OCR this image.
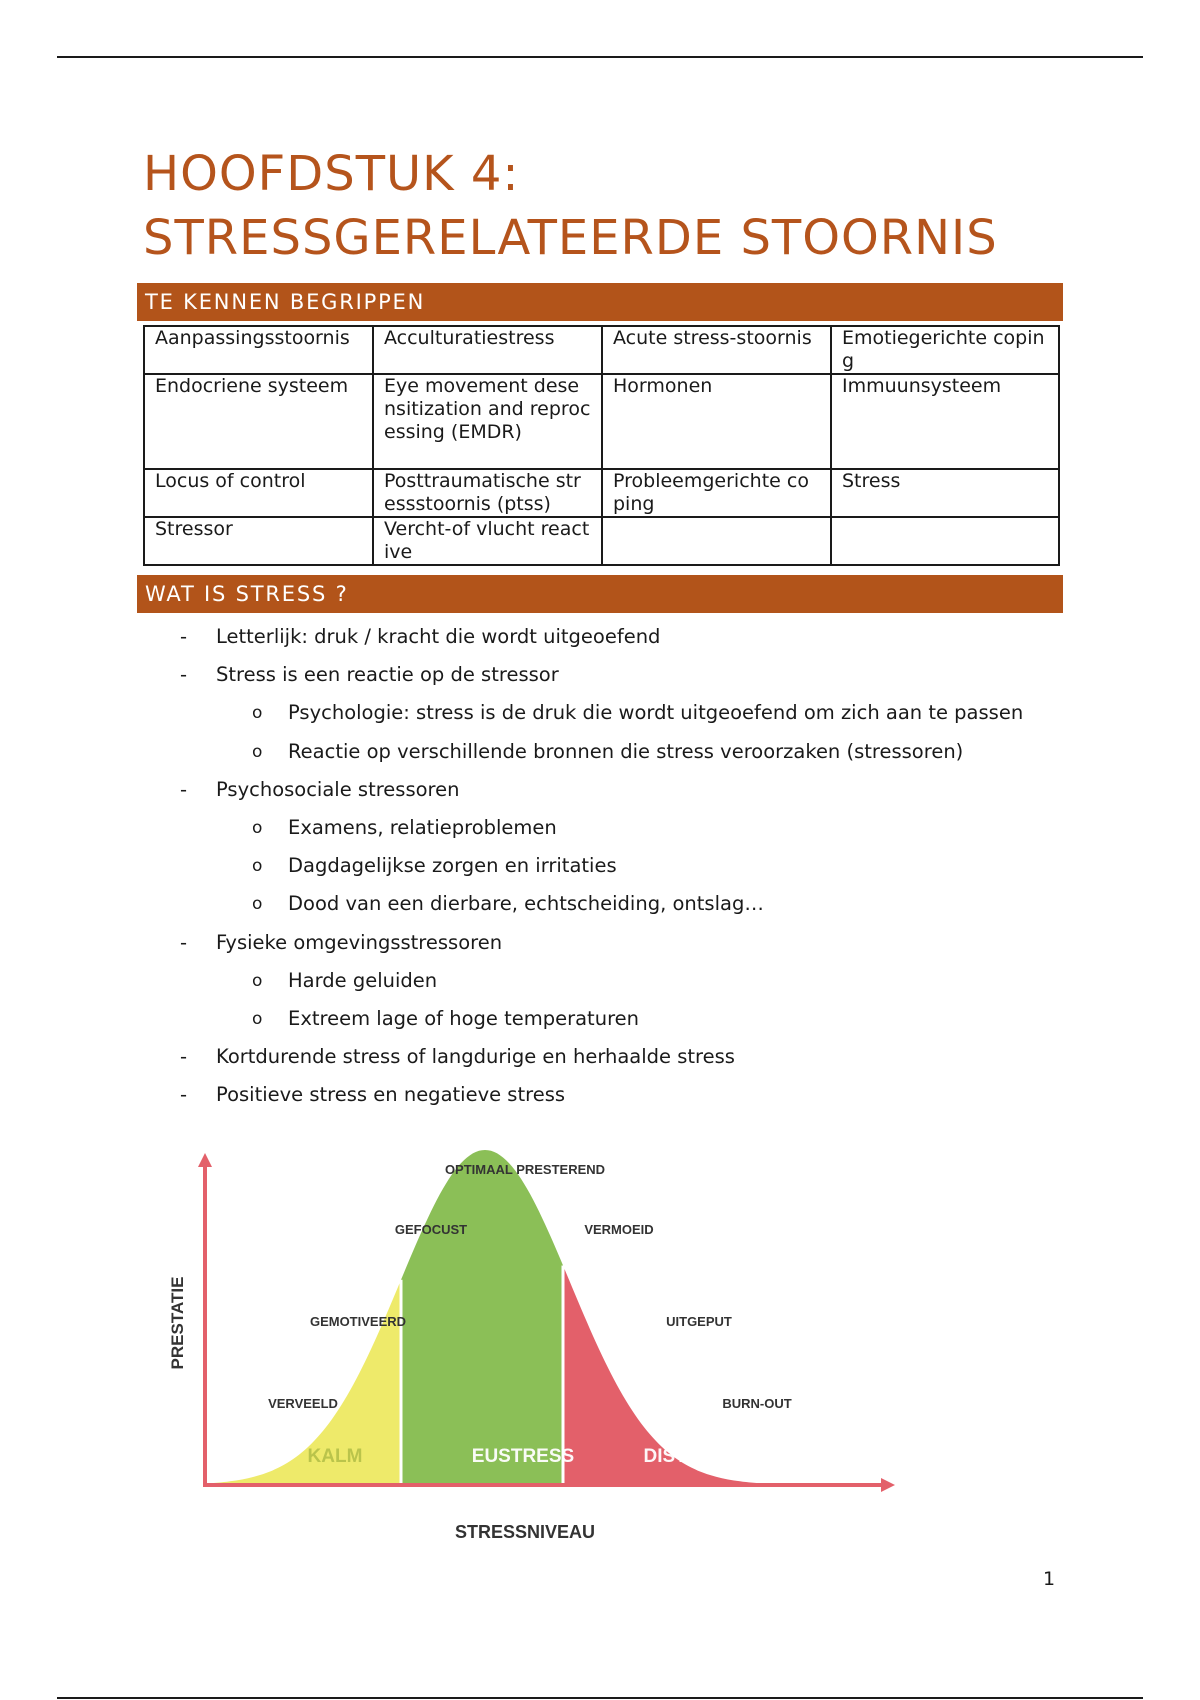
HOOFDSTUK 4:
STRESSGERELATEERDE STOORNIS
TE KENNEN BEGRIPPEN
Aanpassingsstoornis	Acculturatiestress	Acute stress-stoornis	Emotiegerichte coping
Endocriene systeem	Eye movement desensitization and reprocessing (EMDR)	Hormonen	Immuunsysteem
Locus of control	Posttraumatische stressstoornis (ptss)	Probleemgerichte coping	Stress
Stressor	Vercht-of vlucht reactive		
WAT IS STRESS ?
- Letterlijk: druk / kracht die wordt uitgeoefend
- Stress is een reactie op de stressor
o Psychologie: stress is de druk die wordt uitgeoefend om zich aan te passen
o Reactie op verschillende bronnen die stress veroorzaken (stressoren)
- Psychosociale stressoren
o Examens, relatieproblemen
o Dagdagelijkse zorgen en irritaties
o Dood van een dierbare, echtscheiding, ontslag…
- Fysieke omgevingsstressoren
o Harde geluiden
o Extreem lage of hoge temperaturen
- Kortdurende stress of langdurige en herhaalde stress
- Positieve stress en negatieve stress
KALM	EUSTRESS	DISTRESS
VERVEELD
GEMOTIVEERD
GEFOCUST
OPTIMAAL PRESTEREND
VERMOEID
UITGEPUT
BURN-OUT
STRESSNIVEAU
PRESTATIE
1
